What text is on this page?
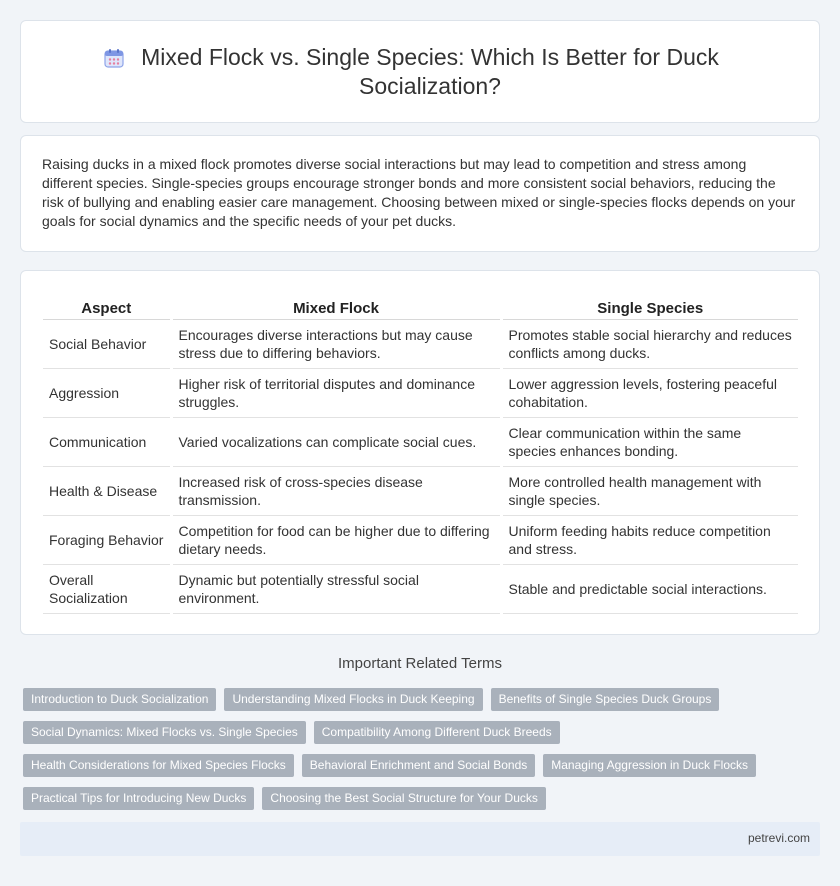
Mixed Flock vs. Single Species: Which Is Better for Duck Socialization?

Raising ducks in a mixed flock promotes diverse social interactions but may lead to competition and stress among different species. Single-species groups encourage stronger bonds and more consistent social behaviors, reducing the risk of bullying and enabling easier care management. Choosing between mixed or single-species flocks depends on your goals for social dynamics and the specific needs of your pet ducks.

Aspect	Mixed Flock	Single Species
Social Behavior	Encourages diverse interactions but may cause stress due to differing behaviors.	Promotes stable social hierarchy and reduces conflicts among ducks.
Aggression	Higher risk of territorial disputes and dominance struggles.	Lower aggression levels, fostering peaceful cohabitation.
Communication	Varied vocalizations can complicate social cues.	Clear communication within the same species enhances bonding.
Health & Disease	Increased risk of cross-species disease transmission.	More controlled health management with single species.
Foraging Behavior	Competition for food can be higher due to differing dietary needs.	Uniform feeding habits reduce competition and stress.
Overall Socialization	Dynamic but potentially stressful social environment.	Stable and predictable social interactions.
Important Related Terms
Introduction to Duck Socialization	Understanding Mixed Flocks in Duck Keeping	Benefits of Single Species Duck Groups
Social Dynamics: Mixed Flocks vs. Single Species	Compatibility Among Different Duck Breeds
Health Considerations for Mixed Species Flocks	Behavioral Enrichment and Social Bonds	Managing Aggression in Duck Flocks
Practical Tips for Introducing New Ducks	Choosing the Best Social Structure for Your Ducks
petrevi.com
